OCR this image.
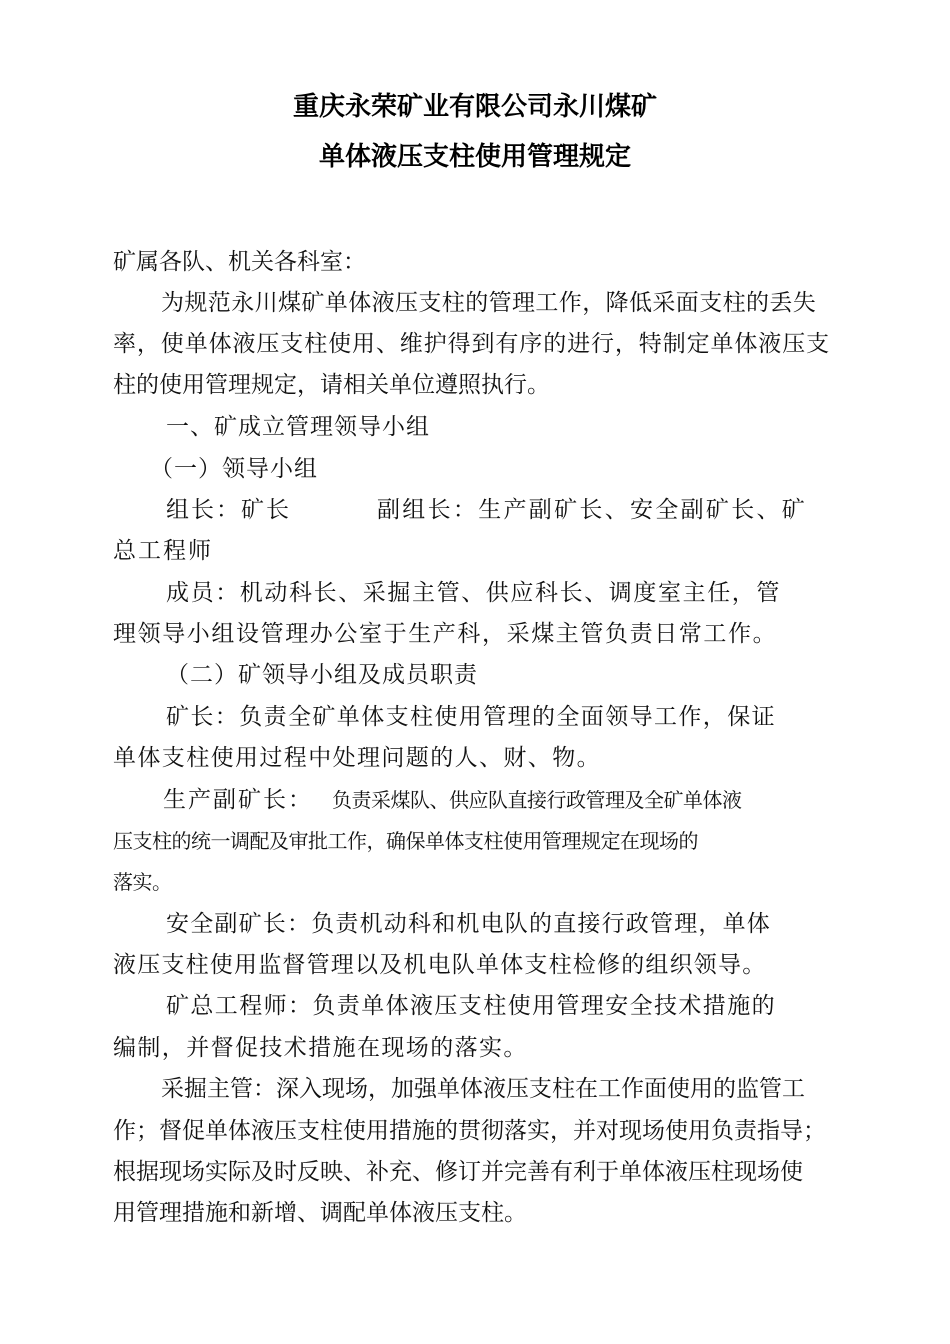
重庆永荣矿业有限公司永川煤矿
单体液压支柱使用管理规定
矿属各队、机关各科室：
为规范永川煤矿单体液压支柱的管理工作，降低采面支柱的丢失
率，使单体液压支柱使用、维护得到有序的进行，特制定单体液压支
柱的使用管理规定，请相关单位遵照执行。
一、矿成立管理领导小组
（一）领导小组
组长：矿长	副组长：生产副矿长、安全副矿长、矿
总工程师
成员：机动科长、采掘主管、供应科长、调度室主任，管
理领导小组设管理办公室于生产科，采煤主管负责日常工作。
（二）矿领导小组及成员职责
矿长：负责全矿单体支柱使用管理的全面领导工作，保证
单体支柱使用过程中处理问题的人、财、物。
生产副矿长： 负责采煤队、供应队直接行政管理及全矿单体液
压支柱的统一调配及审批工作，确保单体支柱使用管理规定在现场的
落实。
安全副矿长：负责机动科和机电队的直接行政管理，单体
液压支柱使用监督管理以及机电队单体支柱检修的组织领导。
矿总工程师：负责单体液压支柱使用管理安全技术措施的
编制，并督促技术措施在现场的落实。
采掘主管：深入现场，加强单体液压支柱在工作面使用的监管工
作；督促单体液压支柱使用措施的贯彻落实，并对现场使用负责指导；
根据现场实际及时反映、补充、修订并完善有利于单体液压柱现场使
用管理措施和新增、调配单体液压支柱。
